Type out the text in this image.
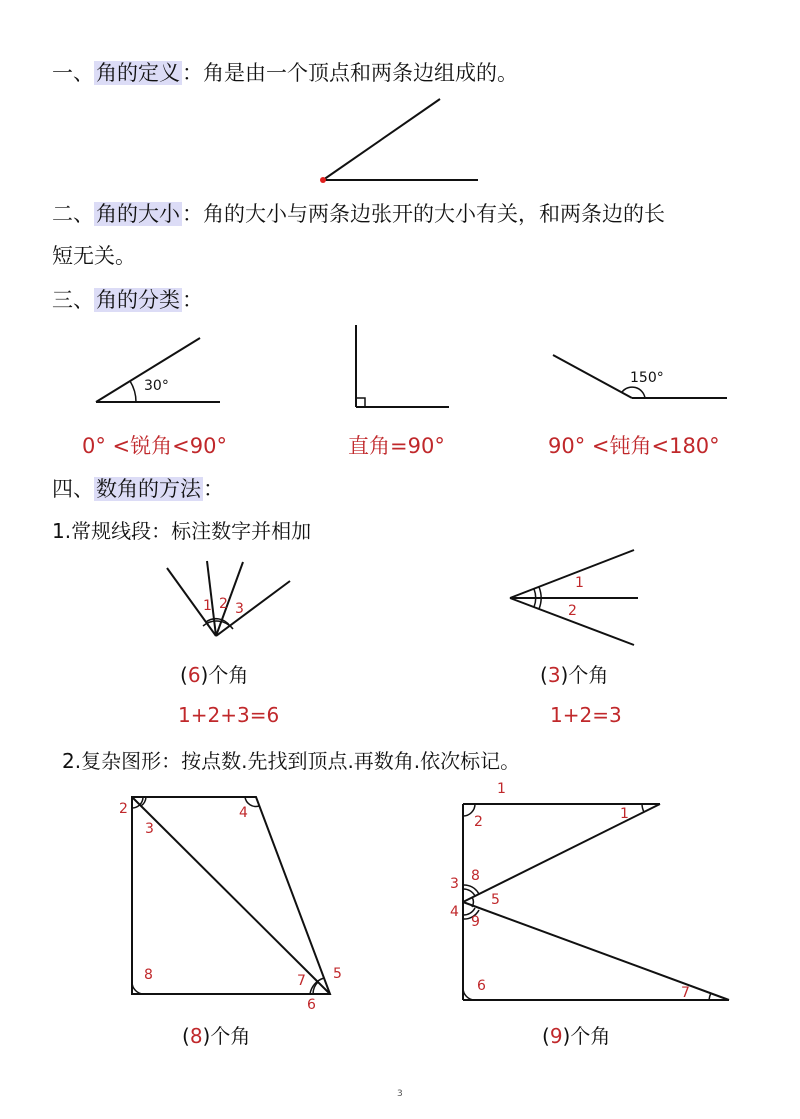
一、角的定义：角是由一个顶点和两条边组成的。
二、角的大小：角的大小与两条边张开的大小有关，和两条边的长
短无关。
三、角的分类：
30°	150°
0° <锐角<90°	直角=90°	90° <钝角<180°
四、数角的方法：
1.常规线段：标注数字并相加
1 2 3
1
2
(6)个角	(3)个角
1+2+3=6	1+2=3
2.复杂图形：按点数.先找到顶点.再数角.依次标记。
2
3
4
5
6
7
8
1
1
2
3 8
5
4
9
6	7
(8)个角	(9)个角
3
